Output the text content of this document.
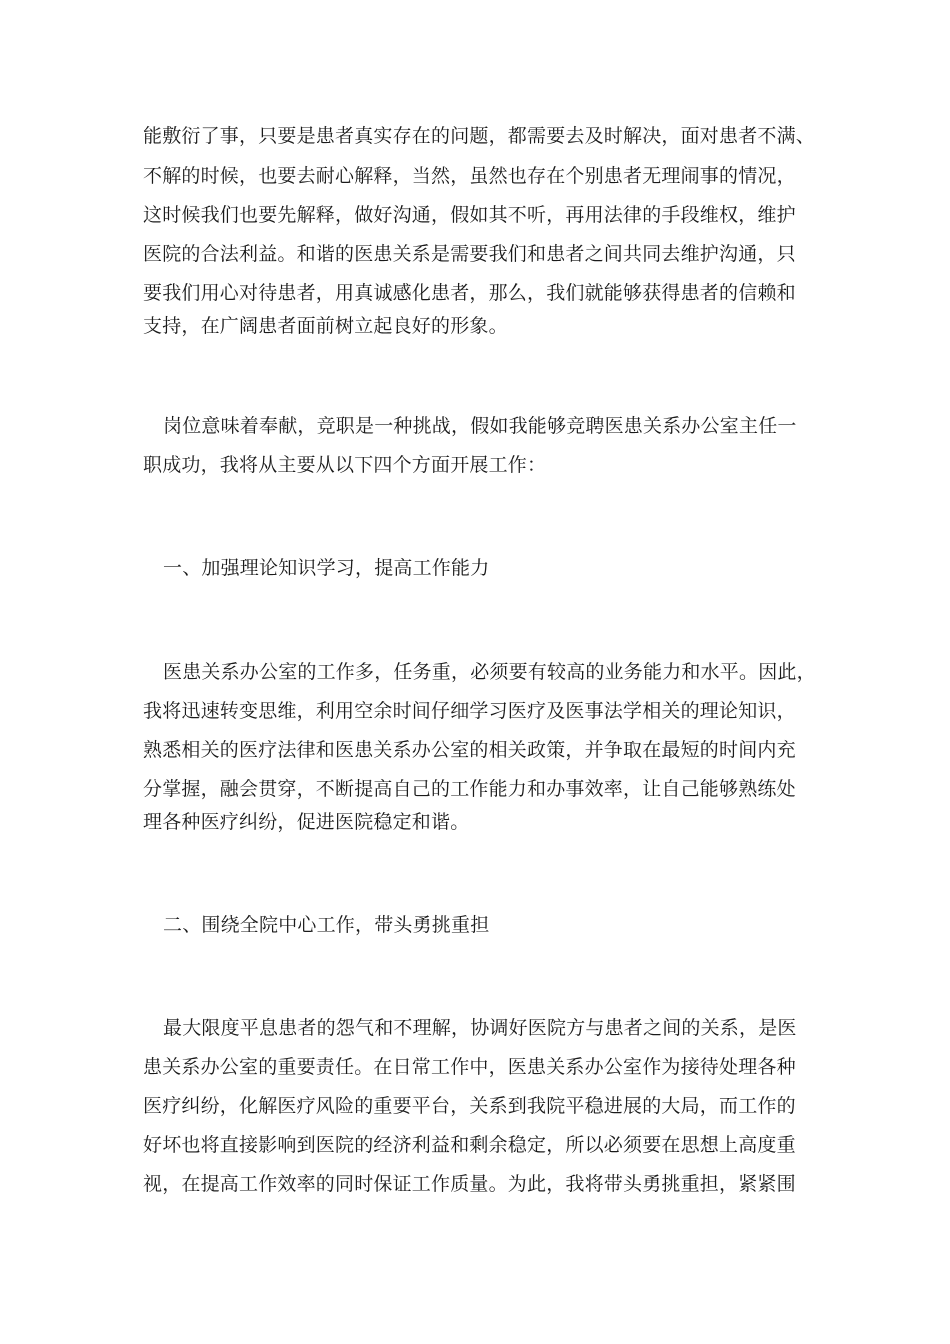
能敷衍了事，只要是患者真实存在的问题，都需要去及时解决，面对患者不满、
不解的时候，也要去耐心解释，当然，虽然也存在个别患者无理闹事的情况，
这时候我们也要先解释，做好沟通，假如其不听，再用法律的手段维权，维护
医院的合法利益。和谐的医患关系是需要我们和患者之间共同去维护沟通，只
要我们用心对待患者，用真诚感化患者，那么，我们就能够获得患者的信赖和
支持，在广阔患者面前树立起良好的形象。
岗位意味着奉献，竞职是一种挑战，假如我能够竞聘医患关系办公室主任一
职成功，我将从主要从以下四个方面开展工作：
一、加强理论知识学习，提高工作能力
医患关系办公室的工作多，任务重，必须要有较高的业务能力和水平。因此，
我将迅速转变思维，利用空余时间仔细学习医疗及医事法学相关的理论知识，
熟悉相关的医疗法律和医患关系办公室的相关政策，并争取在最短的时间内充
分掌握，融会贯穿，不断提高自己的工作能力和办事效率，让自己能够熟练处
理各种医疗纠纷，促进医院稳定和谐。
二、围绕全院中心工作，带头勇挑重担
最大限度平息患者的怨气和不理解，协调好医院方与患者之间的关系，是医
患关系办公室的重要责任。在日常工作中，医患关系办公室作为接待处理各种
医疗纠纷，化解医疗风险的重要平台，关系到我院平稳进展的大局，而工作的
好坏也将直接影响到医院的经济利益和剩余稳定，所以必须要在思想上高度重
视，在提高工作效率的同时保证工作质量。为此，我将带头勇挑重担，紧紧围
